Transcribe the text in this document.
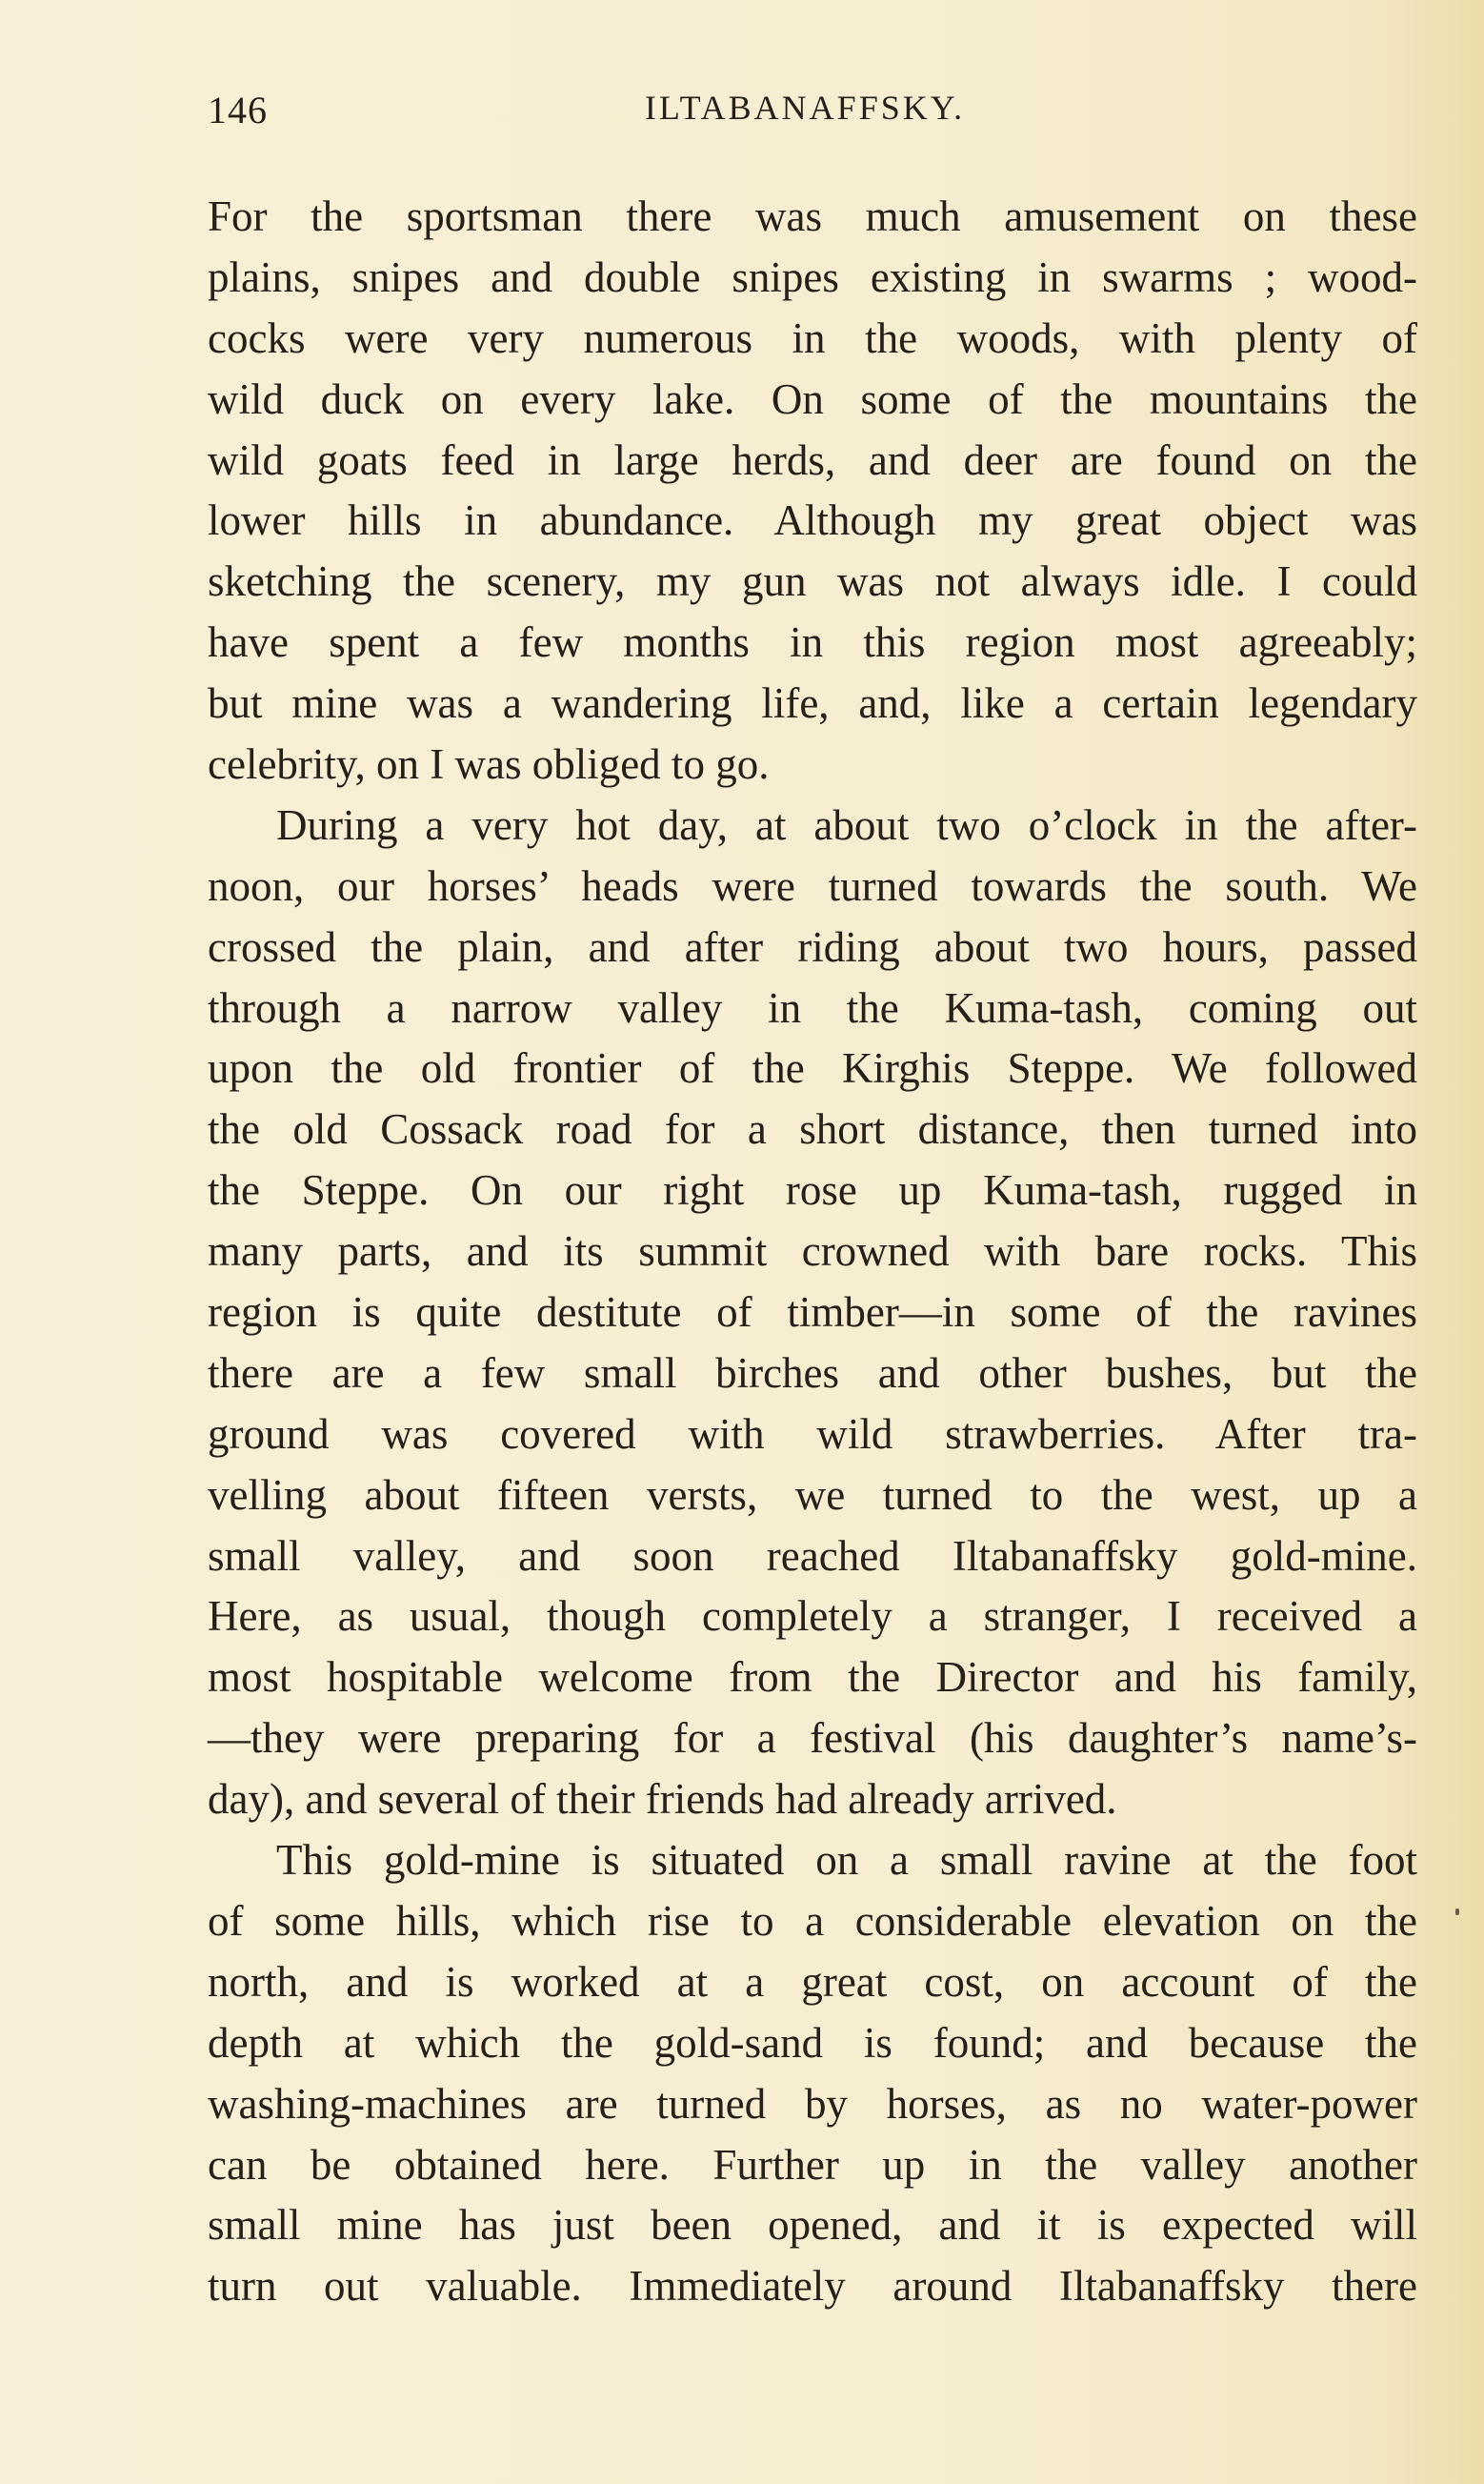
146	ILTABANAFFSKY.
For the sportsman there was much amusement on these
plains, snipes and double snipes existing in swarms ; wood-
cocks were very numerous in the woods, with plenty of
wild duck on every lake. On some of the mountains the
wild goats feed in large herds, and deer are found on the
lower hills in abundance. Although my great object was
sketching the scenery, my gun was not always idle. I could
have spent a few months in this region most agreeably;
but mine was a wandering life, and, like a certain legendary
celebrity, on I was obliged to go.
During a very hot day, at about two o’clock in the after-
noon, our horses’ heads were turned towards the south. We
crossed the plain, and after riding about two hours, passed
through a narrow valley in the Kuma-tash, coming out
upon the old frontier of the Kirghis Steppe. We followed
the old Cossack road for a short distance, then turned into
the Steppe. On our right rose up Kuma-tash, rugged in
many parts, and its summit crowned with bare rocks. This
region is quite destitute of timber—in some of the ravines
there are a few small birches and other bushes, but the
ground was covered with wild strawberries. After tra-
velling about fifteen versts, we turned to the west, up a
small valley, and soon reached Iltabanaffsky gold-mine.
Here, as usual, though completely a stranger, I received a
most hospitable welcome from the Director and his family,
—they were preparing for a festival (his daughter’s name’s-
day), and several of their friends had already arrived.
This gold-mine is situated on a small ravine at the foot
of some hills, which rise to a considerable elevation on the
north, and is worked at a great cost, on account of the
depth at which the gold-sand is found; and because the
washing-machines are turned by horses, as no water-power
can be obtained here. Further up in the valley another
small mine has just been opened, and it is expected will
turn out valuable. Immediately around Iltabanaffsky there
